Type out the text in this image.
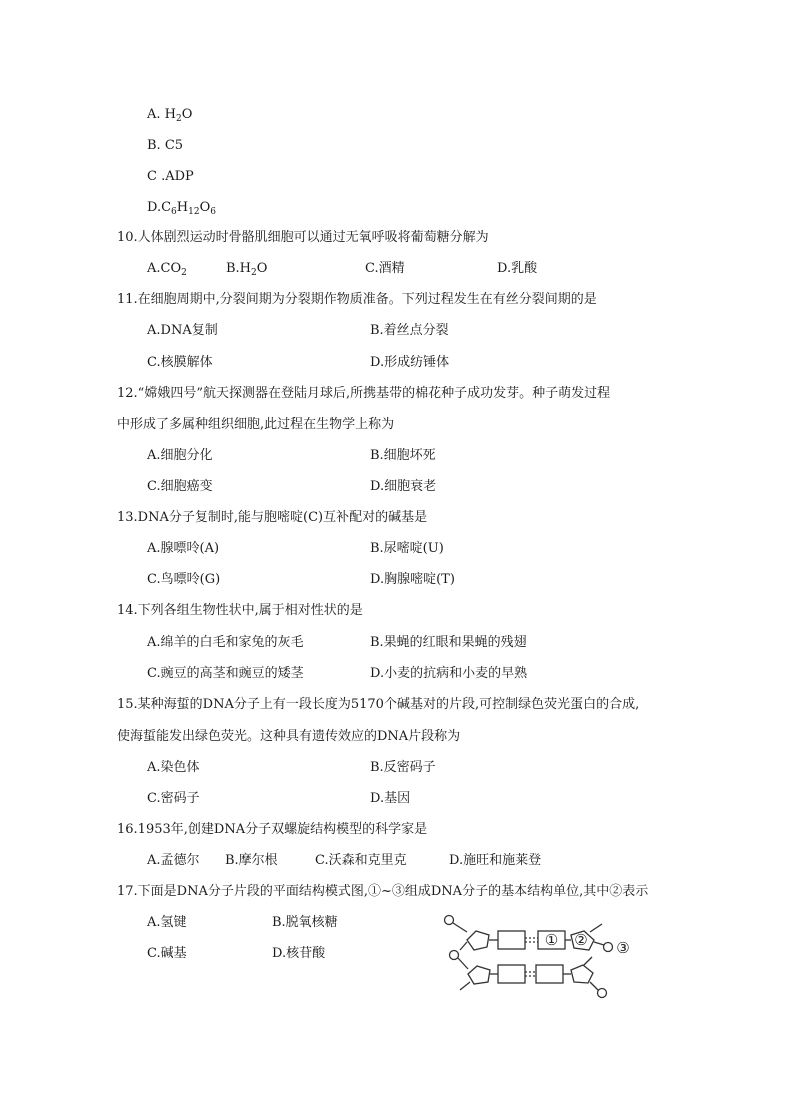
A. $H_2O$
B. C5
C .ADP
$D.C_6H_{12}O_6$
10.人体剧烈运动时骨骼肌细胞可以通过无氧呼吸将葡萄糖分解为
$A.CO_2$	$B.H_2O$	C.酒精	D.乳酸
11.在细胞周期中,分裂间期为分裂期作物质准备。下列过程发生在有丝分裂间期的是
A.DNA复制	B.着丝点分裂
C.核膜解体	D.形成纺锤体
12.“嫦娥四号”航天探测器在登陆月球后,所携基带的棉花种子成功发芽。种子萌发过程
中形成了多属种组织细胞,此过程在生物学上称为
A.细胞分化	B.细胞坏死
C.细胞癌变	D.细胞衰老
13.DNA分子复制时,能与胞嘧啶(C)互补配对的碱基是
A.腺嘌呤(A)	B.尿嘧啶(U)
C.鸟嘌呤(G)	D.胸腺嘧啶(T)
14.下列各组生物性状中,属于相对性状的是
A.绵羊的白毛和家兔的灰毛	B.果蝇的红眼和果蝇的残翅
C.豌豆的高茎和豌豆的矮茎	D.小麦的抗病和小麦的早熟
15.某种海蜇的DNA分子上有一段长度为5170个碱基对的片段,可控制绿色荧光蛋白的合成,
使海蜇能发出绿色荧光。这种具有遗传效应的DNA片段称为
A.染色体	B.反密码子
C.密码子	D.基因
16.1953年,创建DNA分子双螺旋结构模型的科学家是
A.孟德尔 B.摩尔根	C.沃森和克里克	D.施旺和施莱登
17.下面是DNA分子片段的平面结构模式图,①~③组成DNA分子的基本结构单位,其中②表示
A.氢键	B.脱氧核糖
C.碱基	D.核苷酸
① ② ③
